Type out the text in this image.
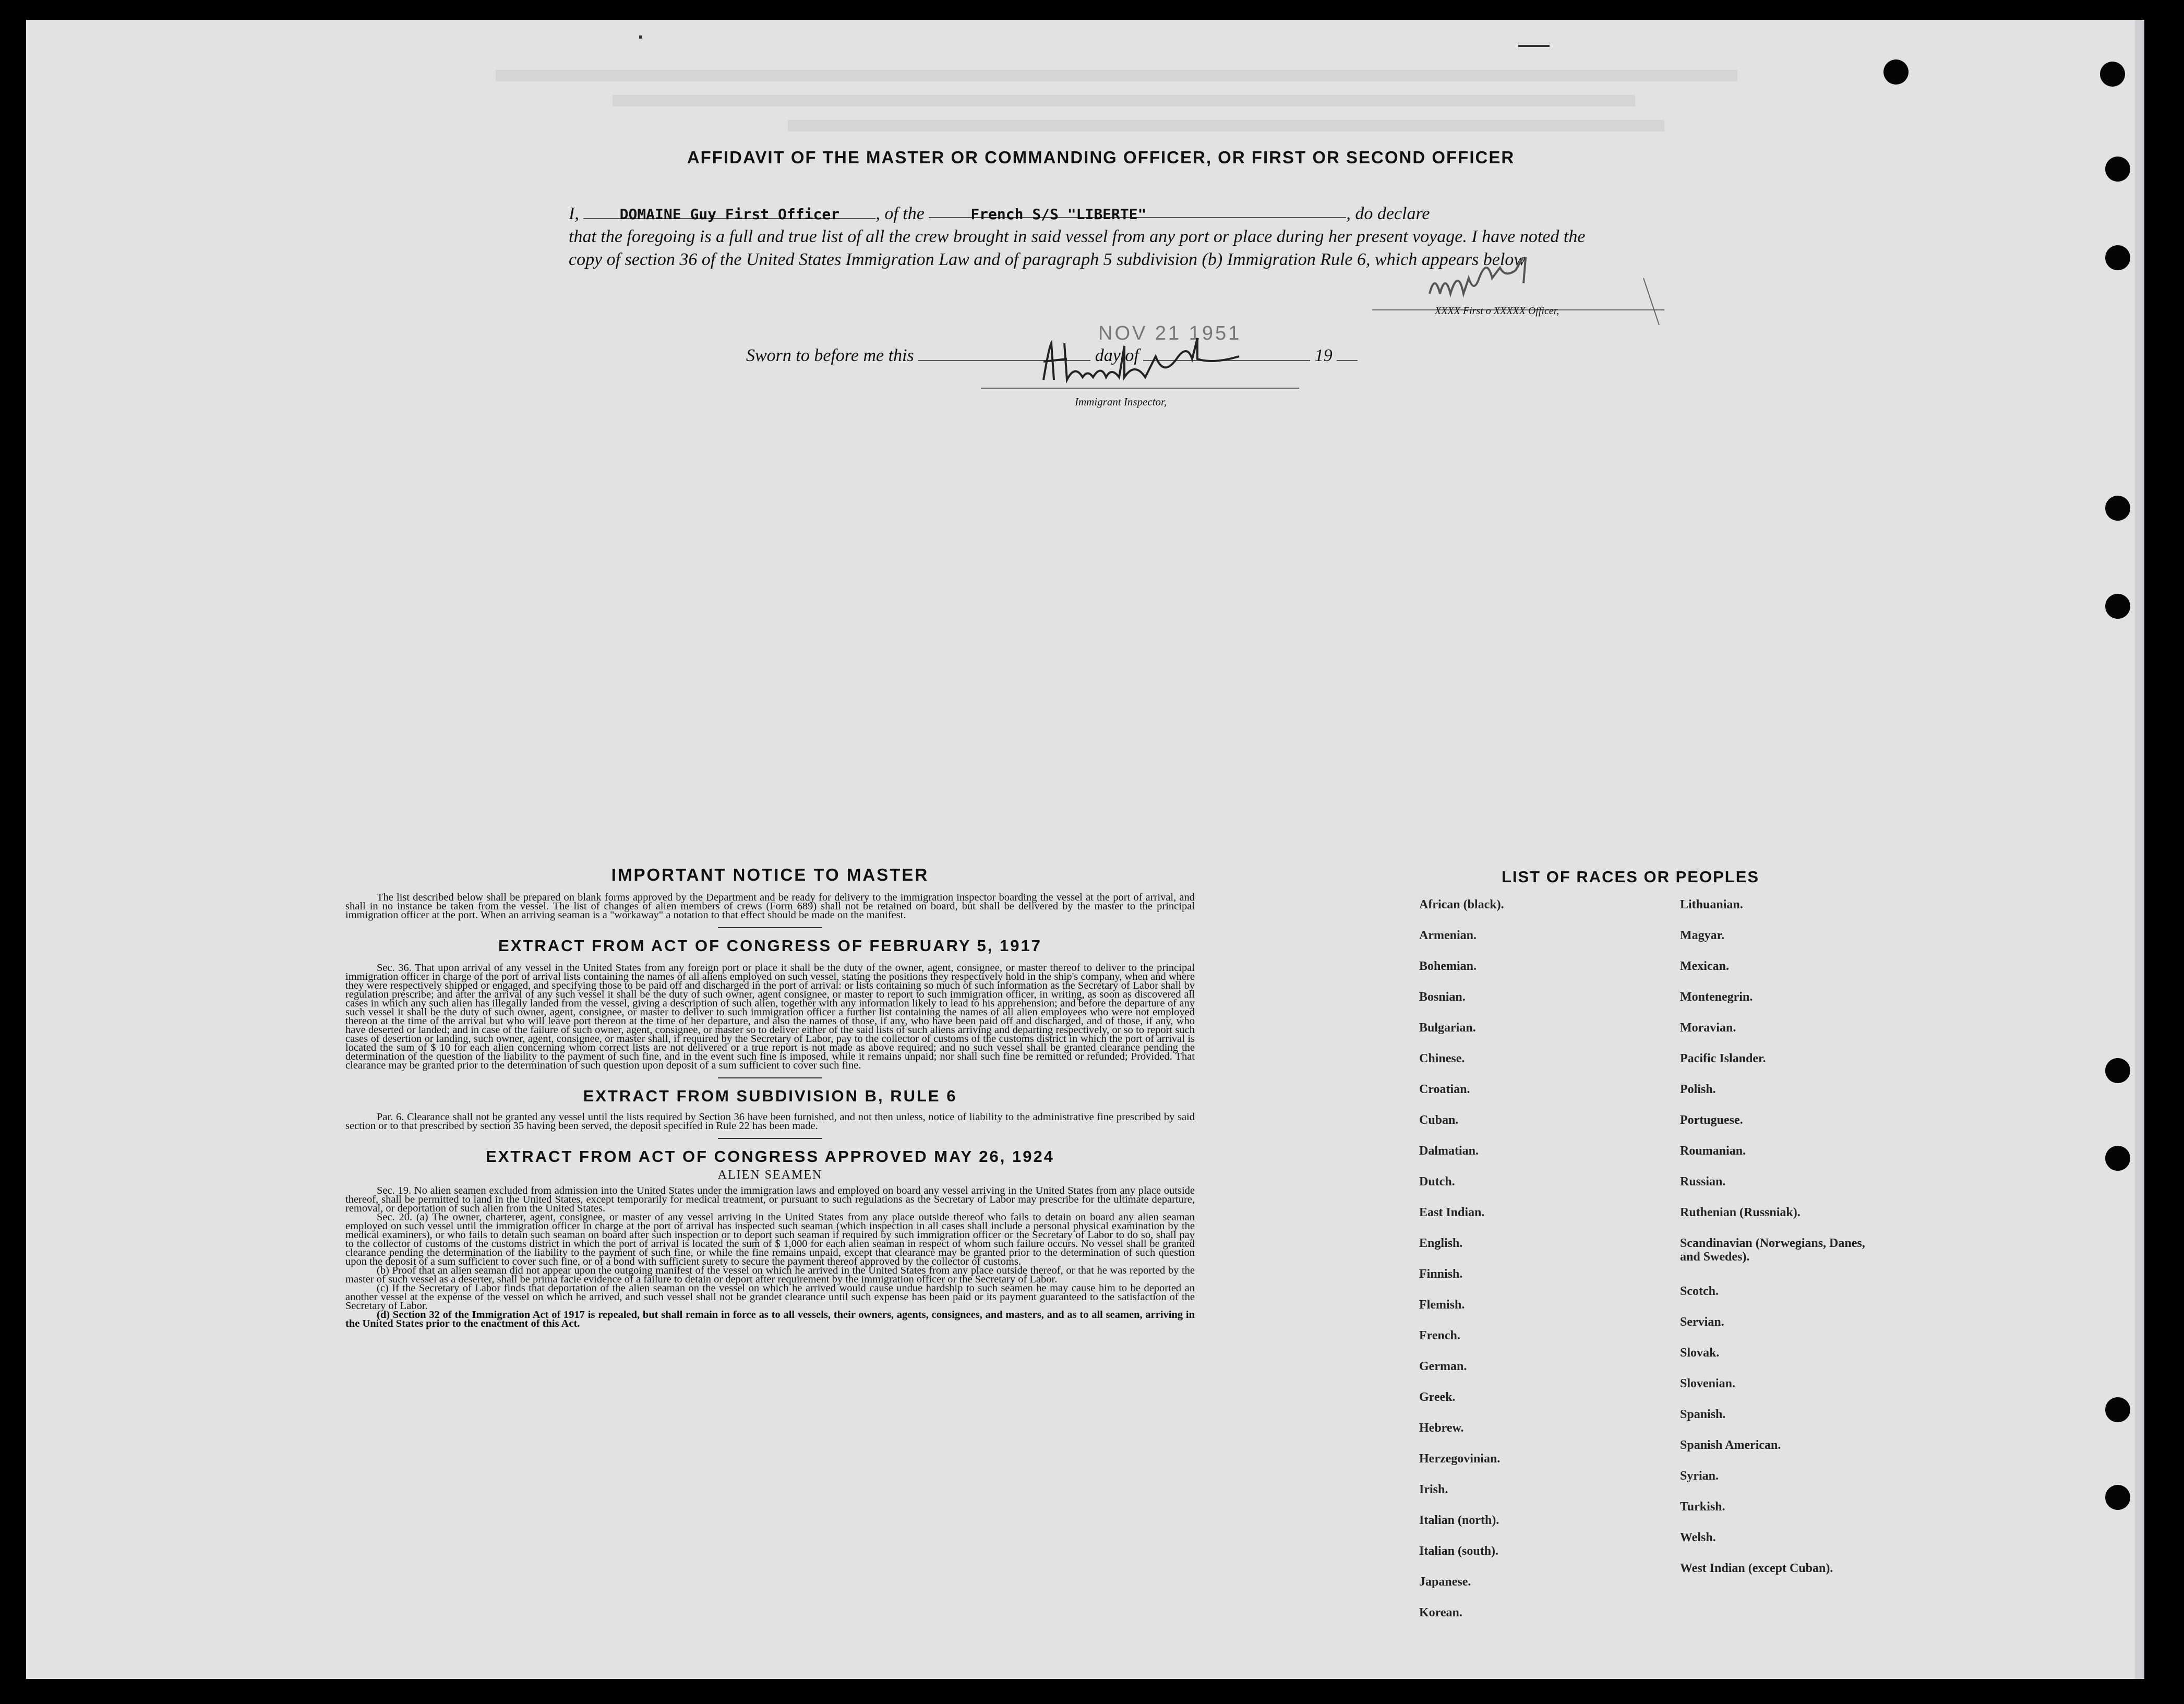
AFFIDAVIT OF THE MASTER OR COMMANDING OFFICER, OR FIRST OR SECOND OFFICER
I,	DOMAINE Guy First Officer , of the	French S/S "LIBERTE"	, do declare
that the foregoing is a full and true list of all the crew brought in said vessel from any port or place during her present voyage. I have noted the copy of section 36 of the United States Immigration Law and of paragraph 5 subdivision (b) Immigration Rule 6, which appears below
XXXX First o XXXXX Officer,
NOV 21 1951
Sworn to before me this	day of	19
Immigrant Inspector,
IMPORTANT NOTICE TO MASTER

The list described below shall be prepared on blank forms approved by the Department and be ready for delivery to the immigration inspector boarding the vessel at the port of arrival, and shall in no instance be taken from the vessel. The list of changes of alien members of crews (Form 689) shall not be retained on board, but shall be delivered by the master to the principal immigration officer at the port. When an arriving seaman is a "workaway" a notation to that effect should be made on the manifest.

EXTRACT FROM ACT OF CONGRESS OF FEBRUARY 5, 1917

Sec. 36. That upon arrival of any vessel in the United States from any foreign port or place it shall be the duty of the owner, agent, consignee, or master thereof to deliver to the principal immigration officer in charge of the port of arrival lists containing the names of all aliens employed on such vessel, stating the positions they respectively hold in the ship's company, when and where they were respectively shipped or engaged, and specifying those to be paid off and discharged in the port of arrival: or lists containing so much of such information as the Secretary of Labor shall by regulation prescribe; and after the arrival of any such vessel it shall be the duty of such owner, agent consignee, or master to report to such immigration officer, in writing, as soon as discovered all cases in which any such alien has illegally landed from the vessel, giving a description of such alien, together with any information likely to lead to his apprehension; and before the departure of any such vessel it shall be the duty of such owner, agent, consignee, or master to deliver to such immigration officer a further list containing the names of all alien employees who were not employed thereon at the time of the arrival but who will leave port thereon at the time of her departure, and also the names of those, if any, who have been paid off and discharged, and of those, if any, who have deserted or landed; and in case of the failure of such owner, agent, consignee, or master so to deliver either of the said lists of such aliens arriving and departing respectively, or so to report such cases of desertion or landing, such owner, agent, consignee, or master shall, if required by the Secretary of Labor, pay to the collector of customs of the customs district in which the port of arrival is located the sum of $ 10 for each alien concerning whom correct lists are not delivered or a true report is not made as above required; and no such vessel shall be granted clearance pending the determination of the question of the liability to the payment of such fine, and in the event such fine is imposed, while it remains unpaid; nor shall such fine be remitted or refunded; Provided. That clearance may be granted prior to the determination of such question upon deposit of a sum sufficient to cover such fine.

EXTRACT FROM SUBDIVISION B, RULE 6

Par. 6. Clearance shall not be granted any vessel until the lists required by Section 36 have been furnished, and not then unless, notice of liability to the administrative fine prescribed by said section or to that prescribed by section 35 having been served, the deposit specified in Rule 22 has been made.

EXTRACT FROM ACT OF CONGRESS APPROVED MAY 26, 1924
ALIEN SEAMEN

Sec. 19. No alien seamen excluded from admission into the United States under the immigration laws and employed on board any vessel arriving in the United States from any place outside thereof, shall be permitted to land in the United States, except temporarily for medical treatment, or pursuant to such regulations as the Secretary of Labor may prescribe for the ultimate departure, removal, or deportation of such alien from the United States.

Sec. 20. (a) The owner, charterer, agent, consignee, or master of any vessel arriving in the United States from any place outside thereof who fails to detain on board any alien seaman employed on such vessel until the immigration officer in charge at the port of arrival has inspected such seaman (which inspection in all cases shall include a personal physical examination by the medical examiners), or who fails to detain such seaman on board after such inspection or to deport such seaman if required by such immigration officer or the Secretary of Labor to do so, shall pay to the collector of customs of the customs district in which the port of arrival is located the sum of $ 1,000 for each alien seaman in respect of whom such failure occurs. No vessel shall be granted clearance pending the determination of the liability to the payment of such fine, or while the fine remains unpaid, except that clearance may be granted prior to the determination of such question upon the deposit of a sum sufficient to cover such fine, or of a bond with sufficient surety to secure the payment thereof approved by the collector of customs.

(b) Proof that an alien seaman did not appear upon the outgoing manifest of the vessel on which he arrived in the United States from any place outside thereof, or that he was reported by the master of such vessel as a deserter, shall be prima facie evidence of a failure to detain or deport after requirement by the immigration officer or the Secretary of Labor.

(c) If the Secretary of Labor finds that deportation of the alien seaman on the vessel on which he arrived would cause undue hardship to such seamen he may cause him to be deported an another vessel at the expense of the vessel on which he arrived, and such vessel shall not be grandet clearance until such expense has been paid or its payment guaranteed to the satisfaction of the Secretary of Labor.

(d) Section 32 of the Immigration Act of 1917 is repealed, but shall remain in force as to all vessels, their owners, agents, consignees, and masters, and as to all seamen, arriving in the United States prior to the enactment of this Act.

LIST OF RACES OR PEOPLES
African (black).
Armenian.
Bohemian.
Bosnian.
Bulgarian.
Chinese.
Croatian.
Cuban.
Dalmatian.
Dutch.
East Indian.
English.
Finnish.
Flemish.
French.
German.
Greek.
Hebrew.
Herzegovinian.
Irish.
Italian (north).
Italian (south).
Japanese.
Korean.
Lithuanian.
Magyar.
Mexican.
Montenegrin.
Moravian.
Pacific Islander.
Polish.
Portuguese.
Roumanian.
Russian.
Ruthenian (Russniak).
Scandinavian (Norwegians, Danes, and Swedes).
Scotch.
Servian.
Slovak.
Slovenian.
Spanish.
Spanish American.
Syrian.
Turkish.
Welsh.
West Indian (except Cuban).
